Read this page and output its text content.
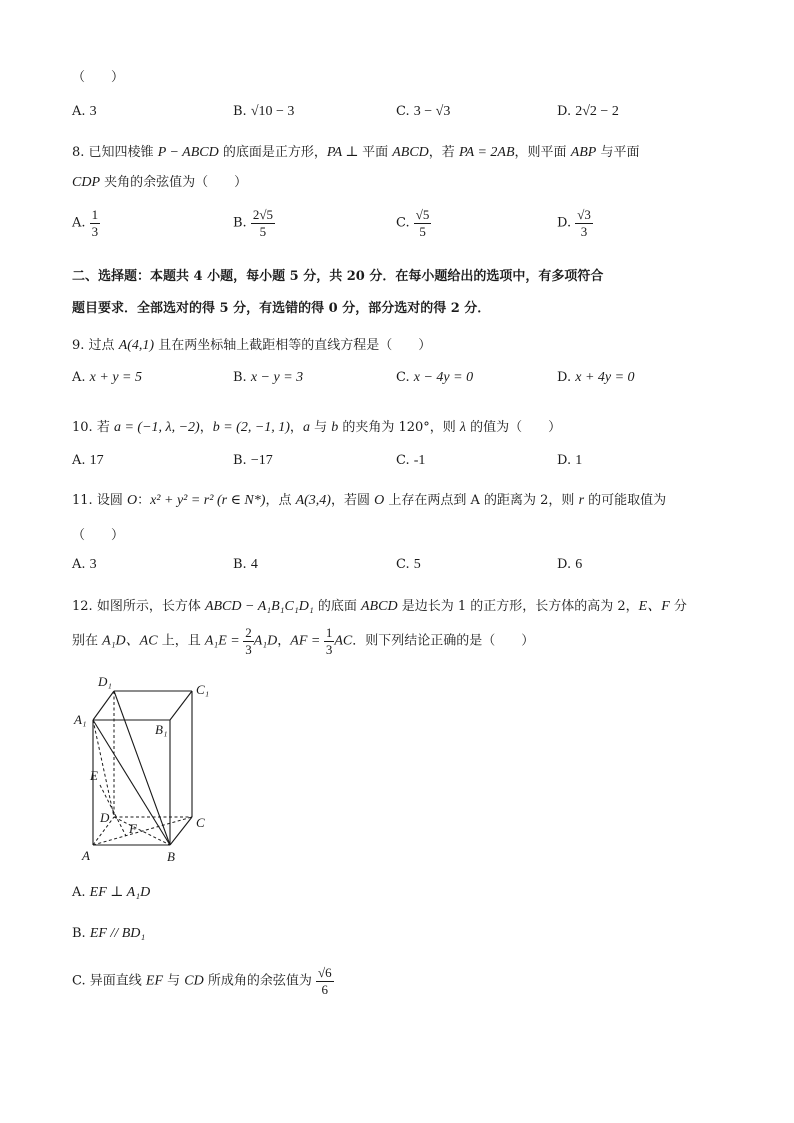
（　　）
A. 3	B. √10 − 3	C. 3 − √3	D. 2√2 − 2
8. 已知四棱锥 P − ABCD 的底面是正方形，PA ⊥ 平面 ABCD，若 PA = 2AB，则平面 ABP 与平面
CDP 夹角的余弦值为（　　）
A. $\frac{1}{3}$	B. $\frac{2√5}{5}$	C. $\frac{√5}{5}$	D. $\frac{√3}{3}$
二、选择题：本题共 4 小题，每小题 5 分，共 20 分．在每小题给出的选项中，有多项符合
题目要求．全部选对的得 5 分，有选错的得 0 分，部分选对的得 2 分．
9. 过点 A(4,1) 且在两坐标轴上截距相等的直线方程是（　　）
A. x + y = 5	B. x − y = 3	C. x − 4y = 0	D. x + 4y = 0
10. 若 a = (−1, λ, −2)，b = (2, −1, 1)，a 与 b 的夹角为 120°，则 λ 的值为（　　）
A. 17	B. −17	C. -1	D. 1
11. 设圆 O：x² + y² = r² (r ∈ N*)，点 A(3,4)，若圆 O 上存在两点到 A 的距离为 2，则 r 的可能取值为
（　　）
A. 3	B. 4	C. 5	D. 6
12. 如图所示，长方体 ABCD − A₁B₁C₁D₁ 的底面 ABCD 是边长为 1 的正方形，长方体的高为 2，E、F 分
别在 A₁D、AC 上，且 $A_1E = \frac{2}{3} A_1D$，AF = $\frac{1}{3}$ AC．则下列结论正确的是（　　）
D₁
C₁
A₁
B₁
E
D
F	C
A	B
A. EF ⊥ A₁D
B. EF // BD₁
C. 异面直线 EF 与 CD 所成角的余弦值为 $\frac{√6}{6}$
